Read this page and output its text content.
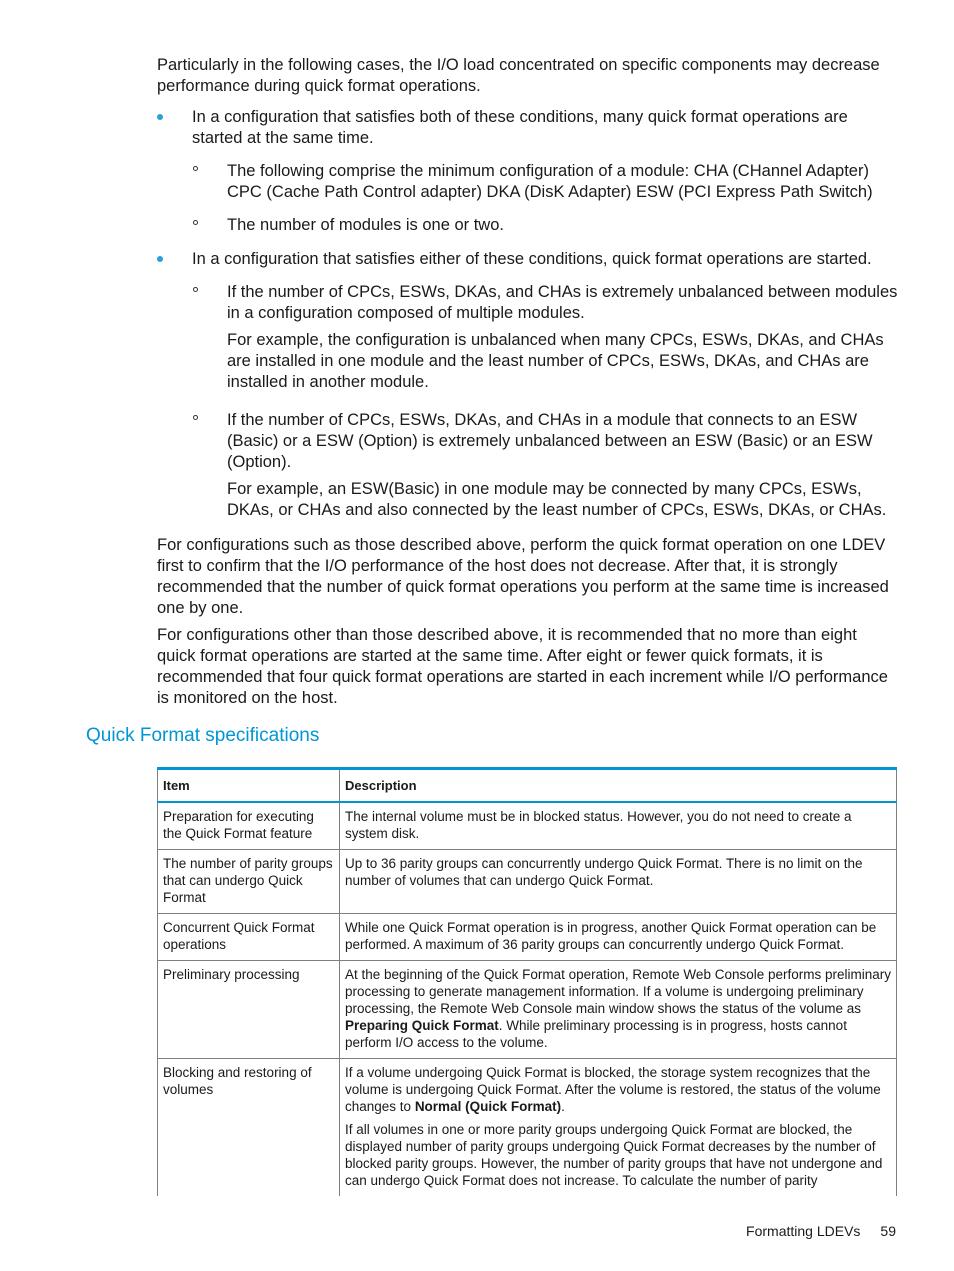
Particularly in the following cases, the I/O load concentrated on specific components may decrease performance during quick format operations.

In a configuration that satisfies both of these conditions, many quick format operations are started at the same time.

The following comprise the minimum configuration of a module: CHA (CHannel Adapter) CPC (Cache Path Control adapter) DKA (DisK Adapter) ESW (PCI Express Path Switch)

The number of modules is one or two.

In a configuration that satisfies either of these conditions, quick format operations are started.

If the number of CPCs, ESWs, DKAs, and CHAs is extremely unbalanced between modules in a configuration composed of multiple modules.

For example, the configuration is unbalanced when many CPCs, ESWs, DKAs, and CHAs are installed in one module and the least number of CPCs, ESWs, DKAs, and CHAs are installed in another module.

If the number of CPCs, ESWs, DKAs, and CHAs in a module that connects to an ESW (Basic) or a ESW (Option) is extremely unbalanced between an ESW (Basic) or an ESW (Option).

For example, an ESW(Basic) in one module may be connected by many CPCs, ESWs, DKAs, or CHAs and also connected by the least number of CPCs, ESWs, DKAs, or CHAs.

For configurations such as those described above, perform the quick format operation on one LDEV first to confirm that the I/O performance of the host does not decrease. After that, it is strongly recommended that the number of quick format operations you perform at the same time is increased one by one.

For configurations other than those described above, it is recommended that no more than eight quick format operations are started at the same time. After eight or fewer quick formats, it is recommended that four quick format operations are started in each increment while I/O performance is monitored on the host.

Quick Format specifications
Item	Description
Preparation for executing the Quick Format feature	The internal volume must be in blocked status. However, you do not need to create a system disk.
The number of parity groups that can undergo Quick Format	Up to 36 parity groups can concurrently undergo Quick Format. There is no limit on the number of volumes that can undergo Quick Format.
Concurrent Quick Format operations	While one Quick Format operation is in progress, another Quick Format operation can be performed. A maximum of 36 parity groups can concurrently undergo Quick Format.
Preliminary processing	At the beginning of the Quick Format operation, Remote Web Console performs preliminary processing to generate management information. If a volume is undergoing preliminary processing, the Remote Web Console main window shows the status of the volume as Preparing Quick Format. While preliminary processing is in progress, hosts cannot perform I/O access to the volume.
Blocking and restoring of volumes	If a volume undergoing Quick Format is blocked, the storage system recognizes that the volume is undergoing Quick Format. After the volume is restored, the status of the volume changes to Normal (Quick Format).

If all volumes in one or more parity groups undergoing Quick Format are blocked, the displayed number of parity groups undergoing Quick Format decreases by the number of blocked parity groups. However, the number of parity groups that have not undergone and can undergo Quick Format does not increase. To calculate the number of parity

Formatting LDEVs 59
